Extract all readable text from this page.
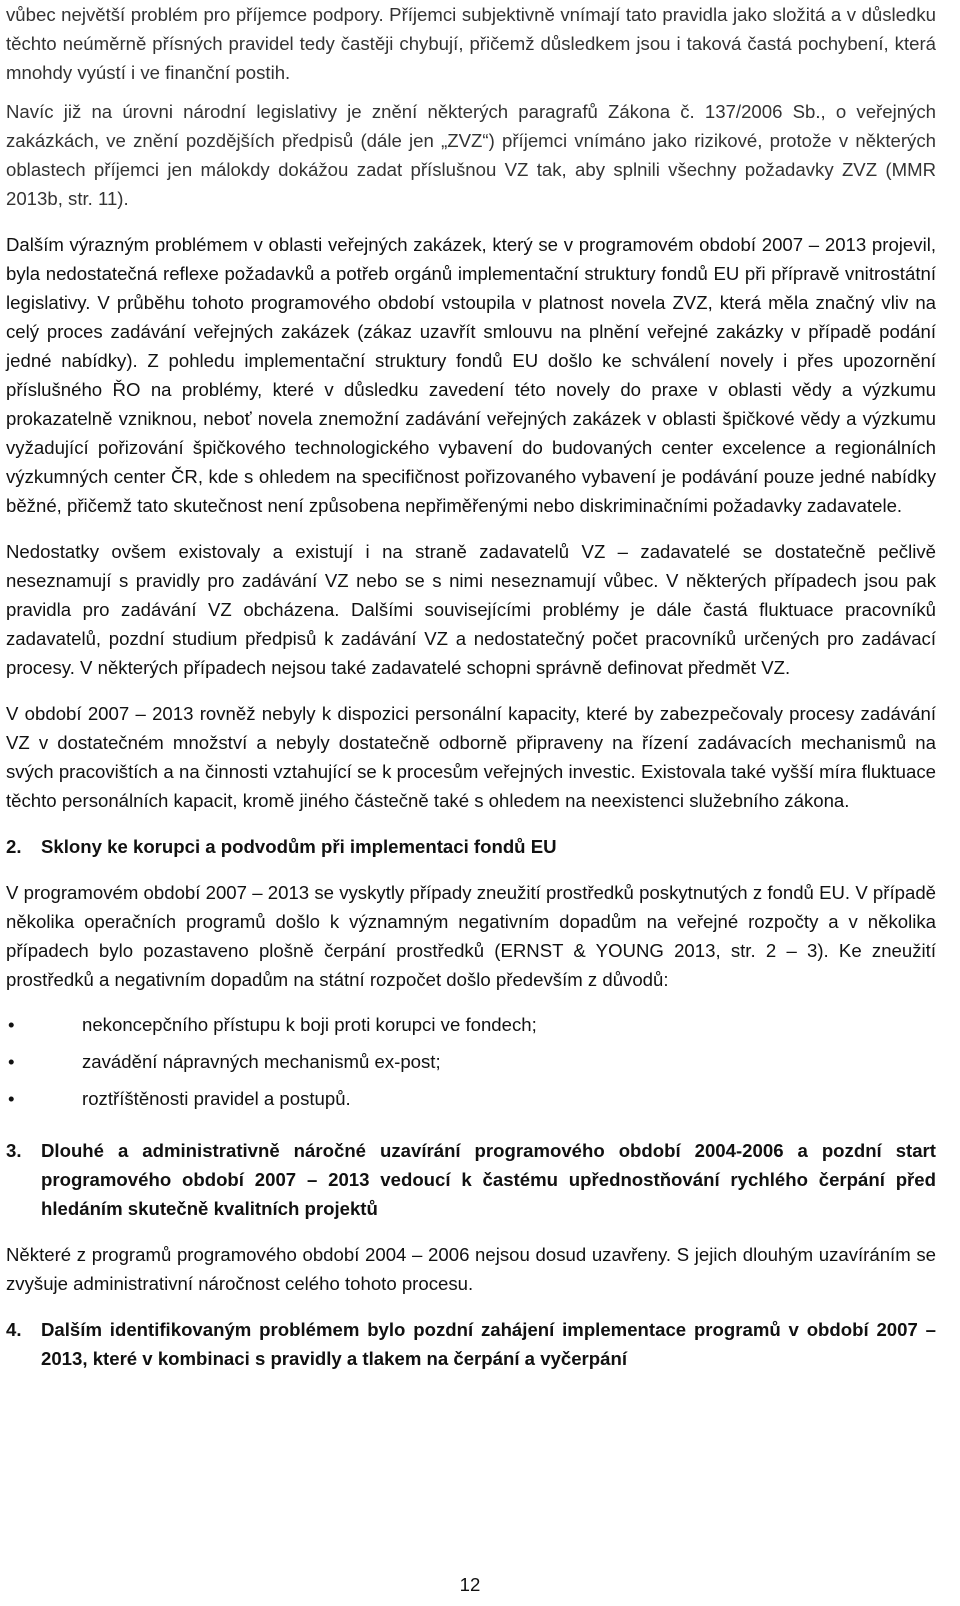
vůbec největší problém pro příjemce podpory. Příjemci subjektivně vnímají tato pravidla jako složitá a v důsledku těchto neúměrně přísných pravidel tedy častěji chybují, přičemž důsledkem jsou i taková častá pochybení, která mnohdy vyústí i ve finanční postih.

Navíc již na úrovni národní legislativy je znění některých paragrafů Zákona č. 137/2006 Sb., o veřejných zakázkách, ve znění pozdějších předpisů (dále jen „ZVZ“) příjemci vnímáno jako rizikové, protože v některých oblastech příjemci jen málokdy dokážou zadat příslušnou VZ tak, aby splnili všechny požadavky ZVZ (MMR 2013b, str. 11).

Dalším výrazným problémem v oblasti veřejných zakázek, který se v programovém období 2007 – 2013 projevil, byla nedostatečná reflexe požadavků a potřeb orgánů implementační struktury fondů EU při přípravě vnitrostátní legislativy. V průběhu tohoto programového období vstoupila v platnost novela ZVZ, která měla značný vliv na celý proces zadávání veřejných zakázek (zákaz uzavřít smlouvu na plnění veřejné zakázky v případě podání jedné nabídky). Z pohledu implementační struktury fondů EU došlo ke schválení novely i přes upozornění příslušného ŘO na problémy, které v důsledku zavedení této novely do praxe v oblasti vědy a výzkumu prokazatelně vzniknou, neboť novela znemožní zadávání veřejných zakázek v oblasti špičkové vědy a výzkumu vyžadující pořizování špičkového technologického vybavení do budovaných center excelence a regionálních výzkumných center ČR, kde s ohledem na specifičnost pořizovaného vybavení je podávání pouze jedné nabídky běžné, přičemž tato skutečnost není způsobena nepřiměřenými nebo diskriminačními požadavky zadavatele.

Nedostatky ovšem existovaly a existují i na straně zadavatelů VZ – zadavatelé se dostatečně pečlivě neseznamují s pravidly pro zadávání VZ nebo se s nimi neseznamují vůbec. V některých případech jsou pak pravidla pro zadávání VZ obcházena. Dalšími souvisejícími problémy je dále častá fluktuace pracovníků zadavatelů, pozdní studium předpisů k zadávání VZ a nedostatečný počet pracovníků určených pro zadávací procesy. V některých případech nejsou také zadavatelé schopni správně definovat předmět VZ.

V období 2007 – 2013 rovněž nebyly k dispozici personální kapacity, které by zabezpečovaly procesy zadávání VZ v dostatečném množství a nebyly dostatečně odborně připraveny na řízení zadávacích mechanismů na svých pracovištích a na činnosti vztahující se k procesům veřejných investic. Existovala také vyšší míra fluktuace těchto personálních kapacit, kromě jiného částečně také s ohledem na neexistenci služebního zákona.

2.	Sklony ke korupci a podvodům při implementaci fondů EU

V programovém období 2007 – 2013 se vyskytly případy zneužití prostředků poskytnutých z fondů EU. V případě několika operačních programů došlo k významným negativním dopadům na veřejné rozpočty a v několika případech bylo pozastaveno plošně čerpání prostředků (ERNST & YOUNG 2013, str. 2 – 3). Ke zneužití prostředků a negativním dopadům na státní rozpočet došlo především z důvodů:

•	nekoncepčního přístupu k boji proti korupci ve fondech;
•	zavádění nápravných mechanismů ex-post;
•	roztříštěnosti pravidel a postupů.
3.	Dlouhé a administrativně náročné uzavírání programového období 2004-2006 a pozdní start programového období 2007 – 2013 vedoucí k častému upřednostňování rychlého čerpání před hledáním skutečně kvalitních projektů

Některé z programů programového období 2004 – 2006 nejsou dosud uzavřeny. S jejich dlouhým uzavíráním se zvyšuje administrativní náročnost celého tohoto procesu.

4.	Dalším identifikovaným problémem bylo pozdní zahájení implementace programů v období 2007 – 2013, které v kombinaci s pravidly a tlakem na čerpání a vyčerpání
12
